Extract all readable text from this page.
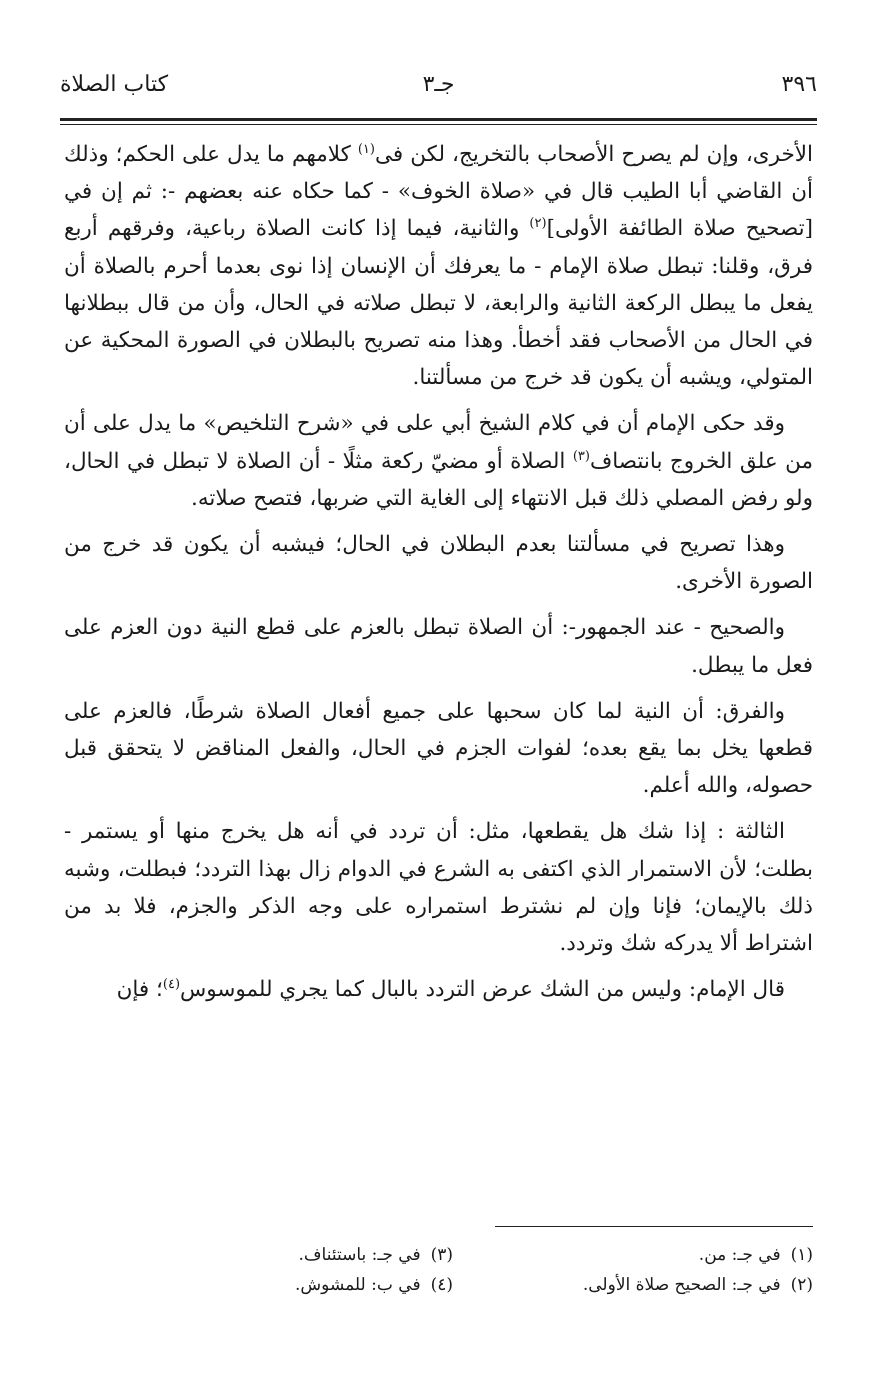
٣٩٦
جـ٣
كتاب الصلاة

الأخرى، وإن لم يصرح الأصحاب بالتخريج، لكن فى$^{(١)}$ كلامهم ما يدل على الحكم؛ وذلك أن القاضي أبا الطيب قال في «صلاة الخوف» - كما حكاه عنه بعضهم -: ثم إن في [تصحيح صلاة الطائفة الأولى]$^{(٢)}$ والثانية، فيما إذا كانت الصلاة رباعية، وفرقهم أربع فرق، وقلنا: تبطل صلاة الإمام - ما يعرفك أن الإنسان إذا نوى بعدما أحرم بالصلاة أن يفعل ما يبطل الركعة الثانية والرابعة، لا تبطل صلاته في الحال، وأن من قال ببطلانها في الحال من الأصحاب فقد أخطأ. وهذا منه تصريح بالبطلان في الصورة المحكية عن المتولي، ويشبه أن يكون قد خرج من مسألتنا.

وقد حكى الإمام أن في كلام الشيخ أبي على في «شرح التلخيص» ما يدل على أن من علق الخروج بانتصاف$^{(٣)}$ الصلاة أو مضيّ ركعة مثلًا - أن الصلاة لا تبطل في الحال، ولو رفض المصلي ذلك قبل الانتهاء إلى الغاية التي ضربها، فتصح صلاته.

وهذا تصريح في مسألتنا بعدم البطلان في الحال؛ فيشبه أن يكون قد خرج من الصورة الأخرى.

والصحيح - عند الجمهور-: أن الصلاة تبطل بالعزم على قطع النية دون العزم على فعل ما يبطل.

والفرق: أن النية لما كان سحبها على جميع أفعال الصلاة شرطًا، فالعزم على قطعها يخل بما يقع بعده؛ لفوات الجزم في الحال، والفعل المناقض لا يتحقق قبل حصوله، والله أعلم.

الثالثة : إذا شك هل يقطعها، مثل: أن تردد في أنه هل يخرج منها أو يستمر - بطلت؛ لأن الاستمرار الذي اكتفى به الشرع في الدوام زال بهذا التردد؛ فبطلت، وشبه ذلك بالإيمان؛ فإنا وإن لم نشترط استمراره على وجه الذكر والجزم، فلا بد من اشتراط ألا يدركه شك وتردد.

قال الإمام: وليس من الشك عرض التردد بالبال كما يجري للموسوس$^{(٤)}$؛ فإن

(١)في جـ: من.
(٢)في جـ: الصحيح صلاة الأولى.
(٣)في جـ: باستئناف.
(٤)في ب: للمشوش.
